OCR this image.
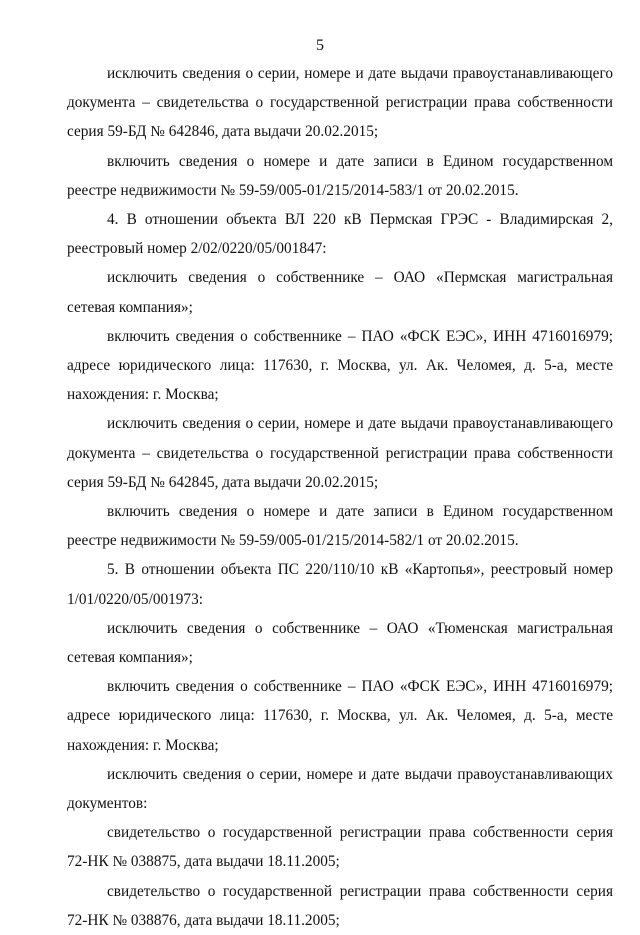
5

исключить сведения о серии, номере и дате выдачи правоустанавливающего документа – свидетельства о государственной регистрации права собственности серия 59-БД № 642846, дата выдачи 20.02.2015;

включить сведения о номере и дате записи в Едином государственном реестре недвижимости № 59-59/005-01/215/2014-583/1 от 20.02.2015.

4. В отношении объекта ВЛ 220 кВ Пермская ГРЭС - Владимирская 2, реестровый номер 2/02/0220/05/001847:

исключить сведения о собственнике – ОАО «Пермская магистральная сетевая компания»;

включить сведения о собственнике – ПАО «ФСК ЕЭС», ИНН 4716016979; адресе юридического лица: 117630, г. Москва, ул. Ак. Челомея, д. 5-а, месте нахождения: г. Москва;

исключить сведения о серии, номере и дате выдачи правоустанавливающего документа – свидетельства о государственной регистрации права собственности серия 59-БД № 642845, дата выдачи 20.02.2015;

включить сведения о номере и дате записи в Едином государственном реестре недвижимости № 59-59/005-01/215/2014-582/1 от 20.02.2015.

5. В отношении объекта ПС 220/110/10 кВ «Картопья», реестровый номер 1/01/0220/05/001973:

исключить сведения о собственнике – ОАО «Тюменская магистральная сетевая компания»;

включить сведения о собственнике – ПАО «ФСК ЕЭС», ИНН 4716016979; адресе юридического лица: 117630, г. Москва, ул. Ак. Челомея, д. 5-а, месте нахождения: г. Москва;

исключить сведения о серии, номере и дате выдачи правоустанавливающих документов:

свидетельство о государственной регистрации права собственности серия 72-НК № 038875, дата выдачи 18.11.2005;

свидетельство о государственной регистрации права собственности серия 72-НК № 038876, дата выдачи 18.11.2005;
